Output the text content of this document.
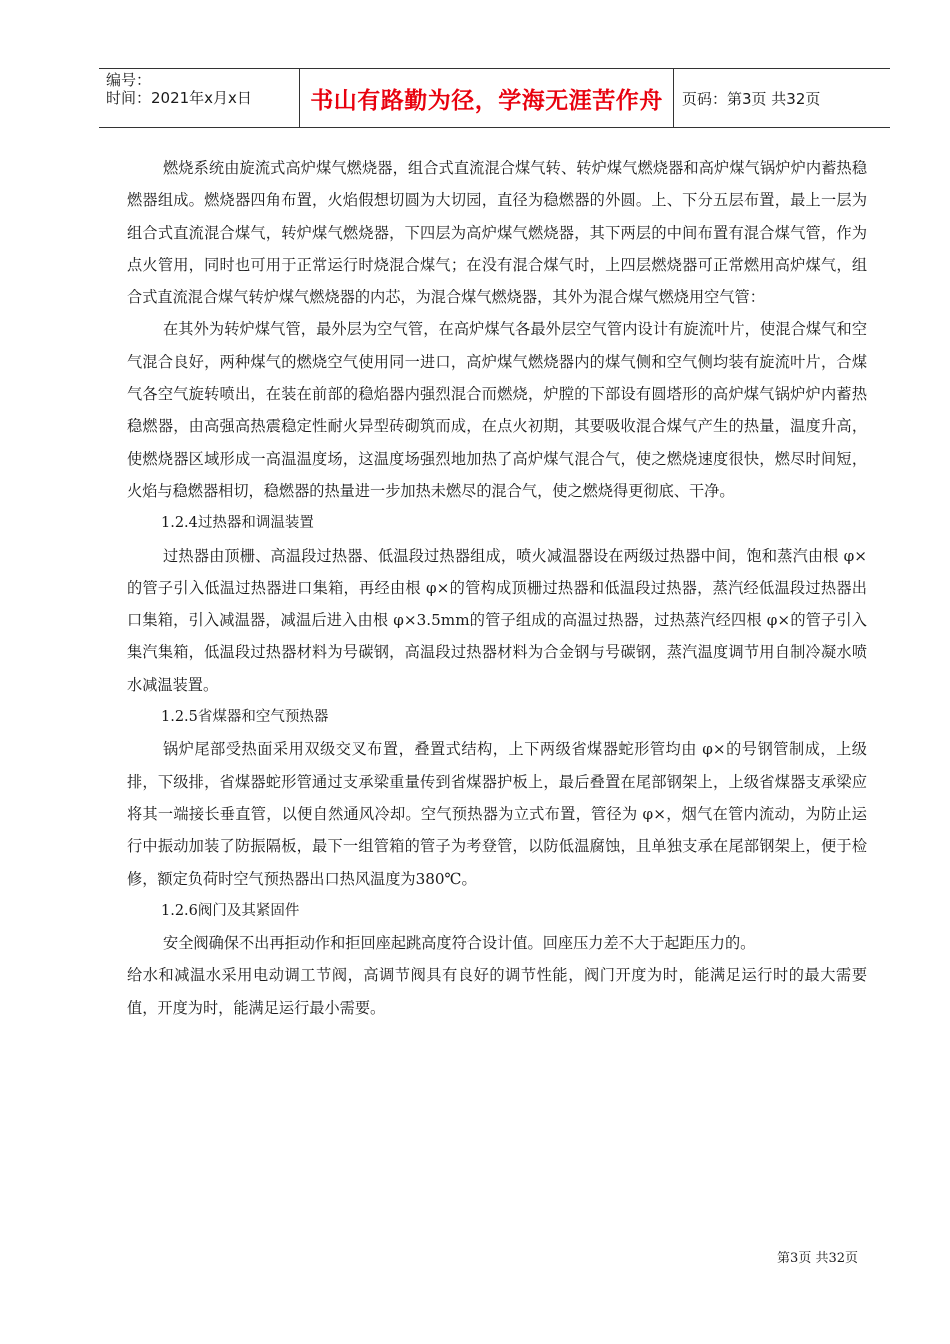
编号：
时间：2021年x月x日	书山有路勤为径，学海无涯苦作舟	页码：第3页 共32页

燃烧系统由旋流式高炉煤气燃烧器，组合式直流混合煤气转、转炉煤气燃烧器和高炉煤气锅炉炉内蓄热稳燃器组成。燃烧器四角布置，火焰假想切圆为大切园，直径为稳燃器的外圆。上、下分五层布置，最上一层为组合式直流混合煤气，转炉煤气燃烧器，下四层为高炉煤气燃烧器，其下两层的中间布置有混合煤气管，作为点火管用，同时也可用于正常运行时烧混合煤气；在没有混合煤气时，上四层燃烧器可正常燃用高炉煤气，组合式直流混合煤气转炉煤气燃烧器的内芯，为混合煤气燃烧器，其外为混合煤气燃烧用空气管：

在其外为转炉煤气管，最外层为空气管，在高炉煤气各最外层空气管内设计有旋流叶片，使混合煤气和空气混合良好，两种煤气的燃烧空气使用同一进口，高炉煤气燃烧器内的煤气侧和空气侧均装有旋流叶片，合煤气各空气旋转喷出，在装在前部的稳焰器内强烈混合而燃烧，炉膛的下部设有圆塔形的高炉煤气锅炉炉内蓄热稳燃器，由高强高热震稳定性耐火异型砖砌筑而成，在点火初期，其要吸收混合煤气产生的热量，温度升高，使燃烧器区域形成一高温温度场，这温度场强烈地加热了高炉煤气混合气，使之燃烧速度很快，燃尽时间短，火焰与稳燃器相切，稳燃器的热量进一步加热未燃尽的混合气，使之燃烧得更彻底、干净。

1.2.4过热器和调温装置

过热器由顶栅、高温段过热器、低温段过热器组成，喷火减温器设在两级过热器中间，饱和蒸汽由根 φ×的管子引入低温过热器进口集箱，再经由根 φ×的管构成顶栅过热器和低温段过热器，蒸汽经低温段过热器出口集箱，引入减温器，减温后进入由根 φ×3.5mm的管子组成的高温过热器，过热蒸汽经四根 φ×的管子引入集汽集箱，低温段过热器材料为号碳钢，高温段过热器材料为合金钢与号碳钢，蒸汽温度调节用自制冷凝水喷水减温装置。

1.2.5省煤器和空气预热器

锅炉尾部受热面采用双级交叉布置，叠置式结构，上下两级省煤器蛇形管均由 φ×的号钢管制成，上级排，下级排，省煤器蛇形管通过支承梁重量传到省煤器护板上，最后叠置在尾部钢架上，上级省煤器支承梁应将其一端接长垂直管，以便自然通风冷却。空气预热器为立式布置，管径为 φ×，烟气在管内流动，为防止运行中振动加装了防振隔板，最下一组管箱的管子为考登管，以防低温腐蚀，且单独支承在尾部钢架上，便于检修，额定负荷时空气预热器出口热风温度为380℃。

1.2.6阀门及其紧固件

安全阀确保不出再拒动作和拒回座起跳高度符合设计值。回座压力差不大于起距压力的。

给水和减温水采用电动调工节阀，高调节阀具有良好的调节性能，阀门开度为时，能满足运行时的最大需要值，开度为时，能满足运行最小需要。

第3页 共32页
